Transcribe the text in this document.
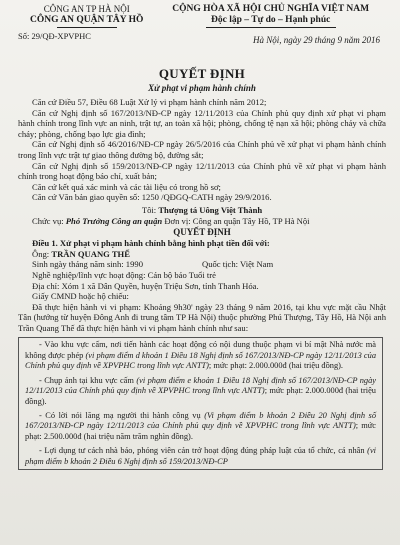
CÔNG AN TP HÀ NỘI
CÔNG AN QUẬN TÂY HỒ
Số: 29/QĐ-XPVPHC
CỘNG HÒA XÃ HỘI CHỦ NGHĨA VIỆT NAM
Độc lập – Tự do – Hạnh phúc
Hà Nội, ngày 29 tháng 9 năm 2016
QUYẾT ĐỊNH
Xử phạt vi phạm hành chính

Căn cứ Điều 57, Điều 68 Luật Xử lý vi phạm hành chính năm 2012;

Căn cứ Nghị định số 167/2013/NĐ-CP ngày 12/11/2013 của Chính phủ quy định xử phạt vi phạm hành chính trong lĩnh vực an ninh, trật tự, an toàn xã hội; phòng, chống tệ nạn xã hội; phòng cháy và chữa cháy; phòng, chống bạo lực gia đình;

Căn cứ Nghị định số 46/2016/NĐ-CP ngày 26/5/2016 của Chính phủ về xử phạt vi phạm hành chính trong lĩnh vực trật tự giao thông đường bộ, đường sắt;

Căn cứ Nghị định số 159/2013/NĐ-CP ngày 12/11/2013 của Chính phủ về xử phạt vi phạm hành chính trong hoạt động báo chí, xuất bản;

Căn cứ kết quả xác minh và các tài liệu có trong hồ sơ;

Căn cứ Văn bản giao quyền số: 1250 /QĐGQ-CATH ngày 29/9/2016.

Tôi: Thượng tá Uông Việt Thành

Chức vụ: Phó Trưởng Công an quận Đơn vị: Công an quận Tây Hồ, TP Hà Nội

QUYẾT ĐỊNH

Điều 1. Xử phạt vi phạm hành chính bằng hình phạt tiền đối với:

Ông: TRẦN QUANG THẾ

Sinh ngày tháng năm sinh: 1990	Quốc tịch: Việt Nam

Nghề nghiệp/lĩnh vực hoạt động: Cán bộ báo Tuổi trẻ

Địa chỉ: Xóm 1 xã Dân Quyền, huyện Triệu Sơn, tỉnh Thanh Hóa.

Giấy CMND hoặc hộ chiếu:

Đã thực hiện hành vi vi phạm: Khoảng 9h30' ngày 23 tháng 9 năm 2016, tại khu vực mặt cầu Nhật Tân (hướng từ huyện Đông Anh đi trung tâm TP Hà Nội) thuộc phường Phú Thượng, Tây Hồ, Hà Nội anh Trần Quang Thế đã thực hiện hành vi vi phạm hành chính như sau:

- Vào khu vực cấm, nơi tiến hành các hoạt động có nội dung thuộc phạm vi bí mật Nhà nước mà không được phép (vi phạm điểm d khoản 1 Điều 18 Nghị định số 167/2013/NĐ-CP ngày 12/11/2013 của Chính phủ quy định về XPVPHC trong lĩnh vực ANTT); mức phạt: 2.000.000đ (hai triệu đồng).

- Chụp ảnh tại khu vực cấm (vi phạm điểm e khoản 1 Điều 18 Nghị định số 167/2013/NĐ-CP ngày 12/11/2013 của Chính phủ quy định về XPVPHC trong lĩnh vực ANTT); mức phạt: 2.000.000đ (hai triệu đồng).

- Có lời nói lăng mạ người thi hành công vụ (Vi phạm điểm b khoản 2 Điều 20 Nghị định số 167/2013/NĐ-CP ngày 12/11/2013 của Chính phủ quy định về XPVPHC trong lĩnh vực ANTT); mức phạt: 2.500.000đ (hai triệu năm trăm nghìn đồng).

- Lợi dụng tư cách nhà báo, phóng viên cản trở hoạt động đúng pháp luật của tổ chức, cá nhân (vi phạm điểm b khoản 2 Điều 6 Nghị định số 159/2013/NĐ-CP
